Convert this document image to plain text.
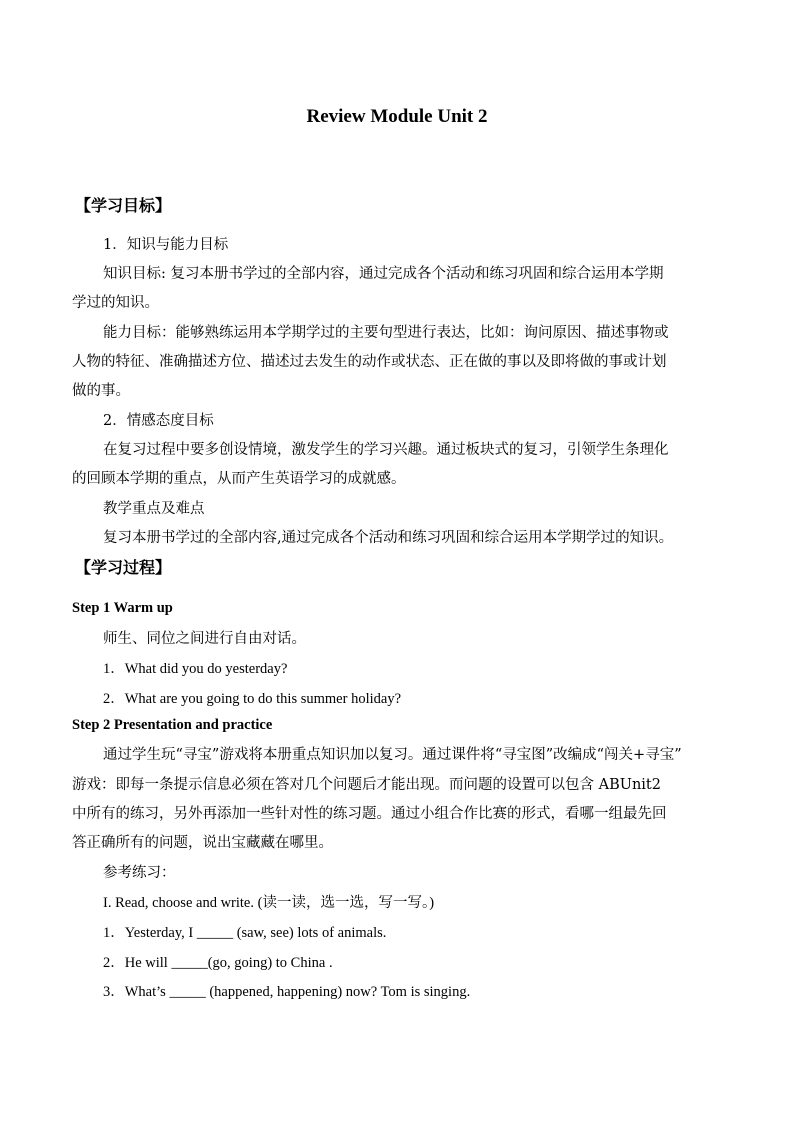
Review Module Unit 2
【学习目标】
1．知识与能力目标
知识目标: 复习本册书学过的全部内容，通过完成各个活动和练习巩固和综合运用本学期
学过的知识。
能力目标：能够熟练运用本学期学过的主要句型进行表达，比如：询问原因、描述事物或
人物的特征、准确描述方位、描述过去发生的动作或状态、正在做的事以及即将做的事或计划
做的事。
2．情感态度目标
在复习过程中要多创设情境，激发学生的学习兴趣。通过板块式的复习，引领学生条理化
的回顾本学期的重点，从而产生英语学习的成就感。
教学重点及难点
复习本册书学过的全部内容,通过完成各个活动和练习巩固和综合运用本学期学过的知识。
【学习过程】
Step 1 Warm up
师生、同位之间进行自由对话。
1．What did you do yesterday?
2．What are you going to do this summer holiday?
Step 2 Presentation and practice
通过学生玩“寻宝”游戏将本册重点知识加以复习。通过课件将“寻宝图”改编成“闯关+寻宝”
游戏：即每一条提示信息必须在答对几个问题后才能出现。而问题的设置可以包含 ABUnit2
中所有的练习，另外再添加一些针对性的练习题。通过小组合作比赛的形式，看哪一组最先回
答正确所有的问题，说出宝藏藏在哪里。
参考练习：
I. Read, choose and write. (读一读，选一选，写一写。)
1．Yesterday, I _____ (saw, see) lots of animals.
2．He will _____(go, going) to China .
3．What’s _____ (happened, happening) now? Tom is singing.
